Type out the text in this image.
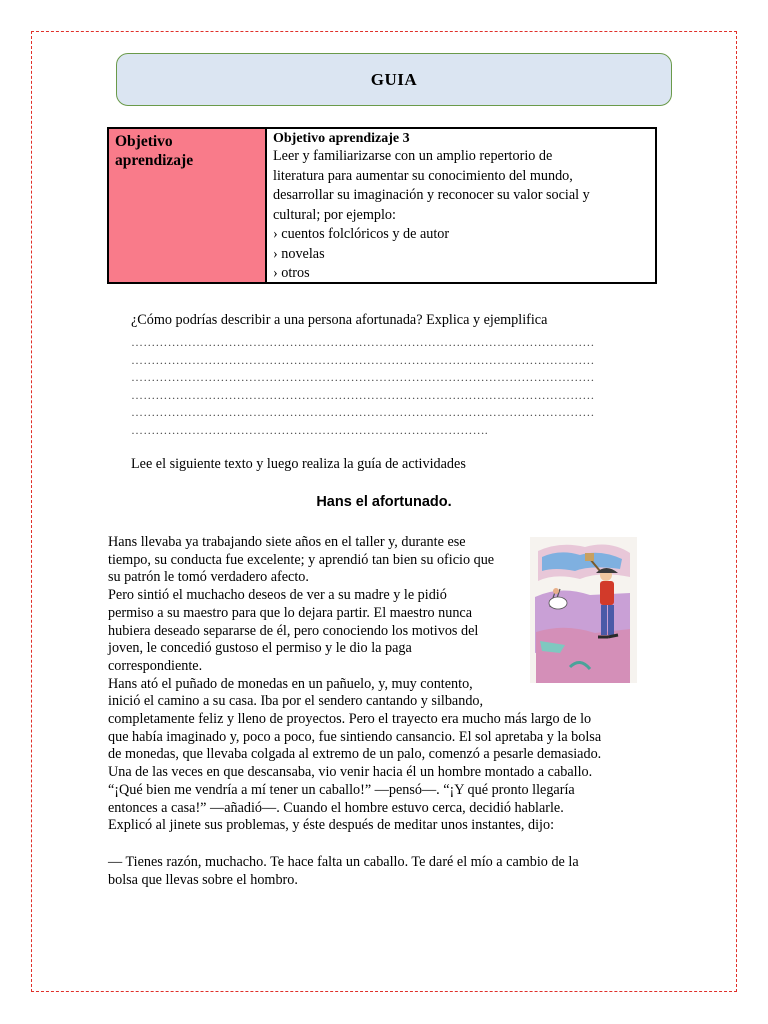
GUIA
Objetivo
aprendizaje
Objetivo aprendizaje 3
Leer y familiarizarse con un amplio repertorio de
literatura para aumentar su conocimiento del mundo,
desarrollar su imaginación y reconocer su valor social y
cultural; por ejemplo:
› cuentos folclóricos y de autor
› novelas
› otros
¿Cómo podrías describir a una persona afortunada? Explica y ejemplifica
……………………………………………………………………………………………………
……………………………………………………………………………………………………
……………………………………………………………………………………………………
……………………………………………………………………………………………………
……………………………………………………………………………………………………
…………………………………………………………………………….
Lee el siguiente texto y luego realiza la guía de actividades
Hans el afortunado.
Hans llevaba ya trabajando siete años en el taller y, durante ese
tiempo, su conducta fue excelente; y aprendió tan bien su oficio que
su patrón le tomó verdadero afecto.
Pero sintió el muchacho deseos de ver a su madre y le pidió
permiso a su maestro para que lo dejara partir. El maestro nunca
hubiera deseado separarse de él, pero conociendo los motivos del
joven, le concedió gustoso el permiso y le dio la paga
correspondiente.
Hans ató el puñado de monedas en un pañuelo, y, muy contento,
inició el camino a su casa. Iba por el sendero cantando y silbando,
completamente feliz y lleno de proyectos. Pero el trayecto era mucho más largo de lo
que había imaginado y, poco a poco, fue sintiendo cansancio. El sol apretaba y la bolsa
de monedas, que llevaba colgada al extremo de un palo, comenzó a pesarle demasiado.
Una de las veces en que descansaba, vio venir hacia él un hombre montado a caballo.
“¡Qué bien me vendría a mí tener un caballo!” —pensó—. “¡Y qué pronto llegaría
entonces a casa!” —añadió—. Cuando el hombre estuvo cerca, decidió hablarle.
Explicó al jinete sus problemas, y éste después de meditar unos instantes, dijo:
— Tienes razón, muchacho. Te hace falta un caballo. Te daré el mío a cambio de la
bolsa que llevas sobre el hombro.
